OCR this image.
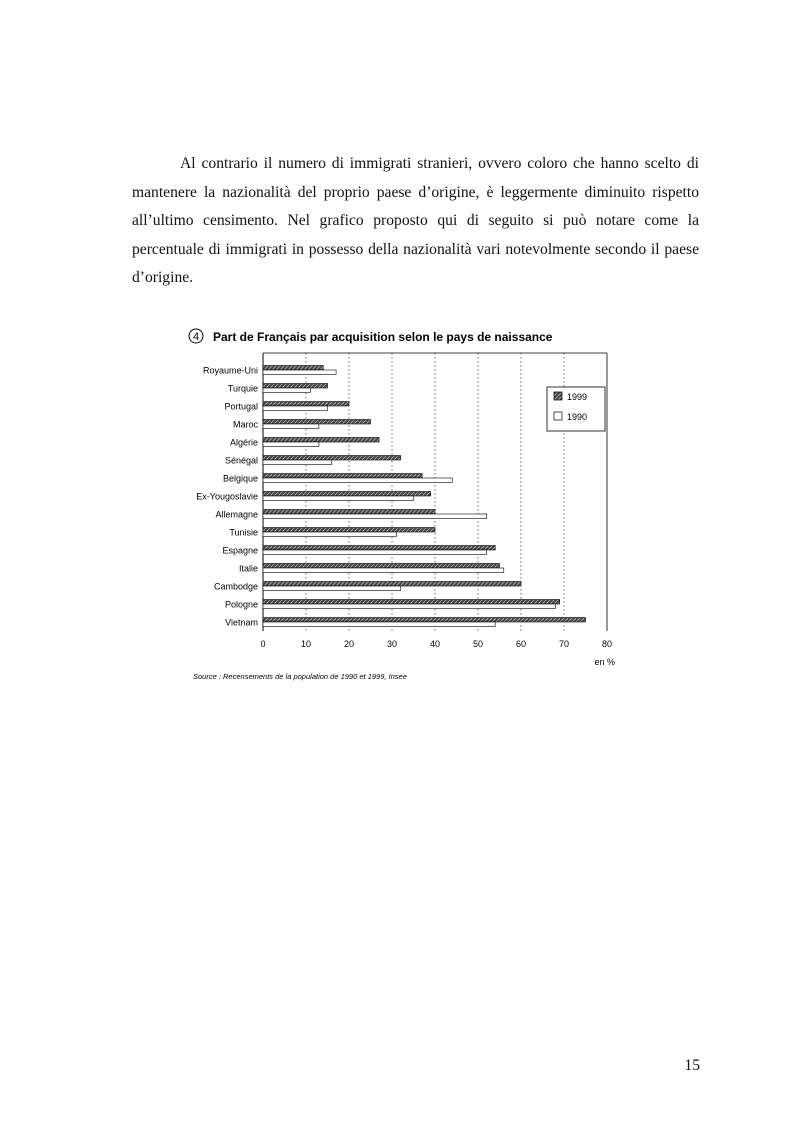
Al contrario il numero di immigrati stranieri, ovvero coloro che hanno scelto di mantenere la nazionalità del proprio paese d’origine, è leggermente diminuito rispetto all’ultimo censimento. Nel grafico proposto qui di seguito si può notare come la percentuale di immigrati in possesso della nazionalità vari notevolmente secondo il paese d’origine.

4 Part de Français par acquisition selon le pays de naissance
0	10	20	30	40	50	60	70	80
en %
Royaume-Uni
Turquie
Portugal
Maroc
Algérie
Sénégal
Belgique
Ex-Yougoslavie
Allemagne
Tunisie
Espagne
Italie
Cambodge
Pologne
Vietnam
1999
1990
Source : Recensements de la population de 1990 et 1999, Insee
15
